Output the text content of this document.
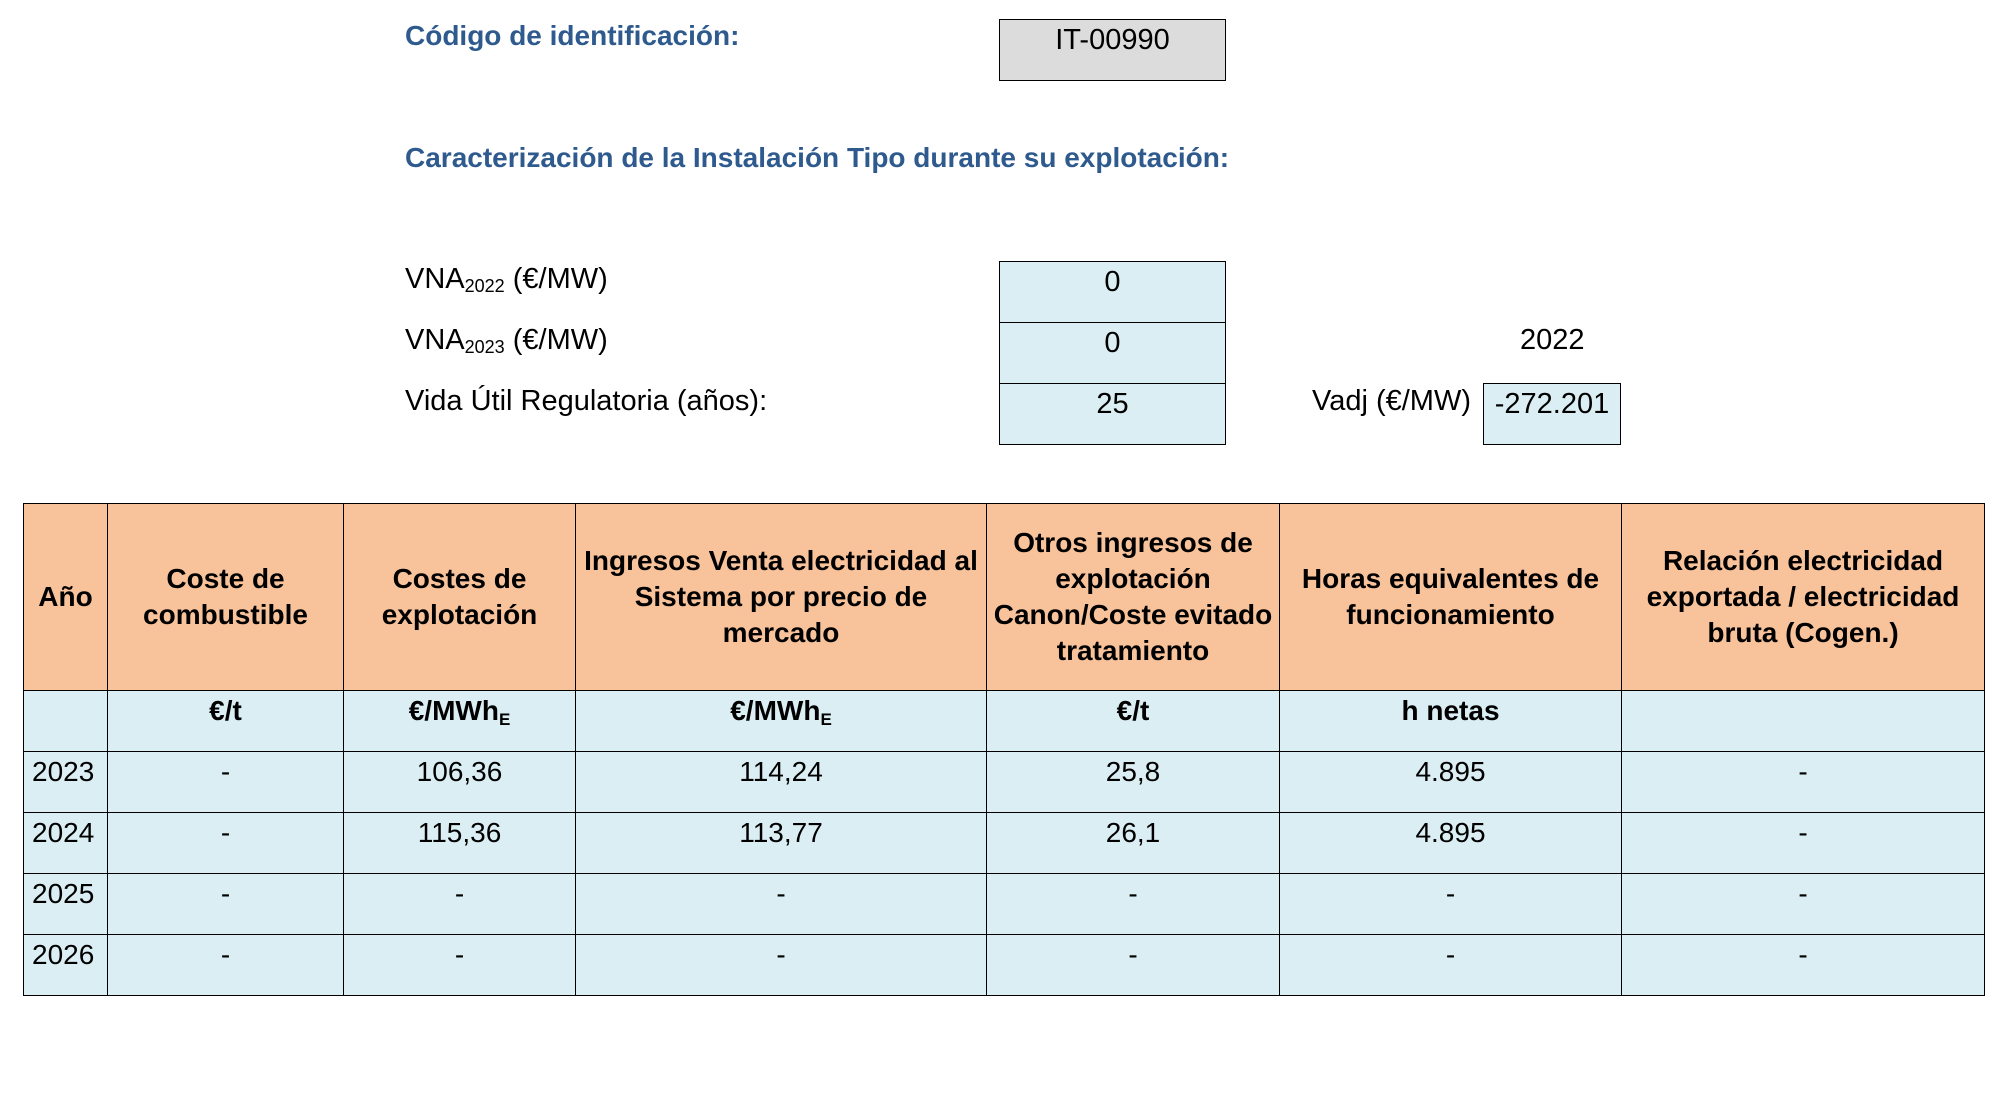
Código de identificación:	IT-00990
Caracterización de la Instalación Tipo durante su explotación:
$VNA_{2022}$ (€/MW)	0
$VNA_{2023}$ (€/MW)	0
Vida Útil Regulatoria (años):	25
2022
Vadj (€/MW) -272.201
Año	Coste de combustible	Costes de explotación	Ingresos Venta electricidad al Sistema por precio de mercado	Otros ingresos de explotación Canon/Coste evitado tratamiento	Horas equivalentes de funcionamiento	Relación electricidad exportada / electricidad bruta (Cogen.)
	€/t	€/MWh$_E$	€/MWh$_E$	€/t	h netas	
2023	-	106,36	114,24	25,8	4.895	-
2024	-	115,36	113,77	26,1	4.895	-
2025	-	-	-	-	-	-
2026	-	-	-	-	-	-
